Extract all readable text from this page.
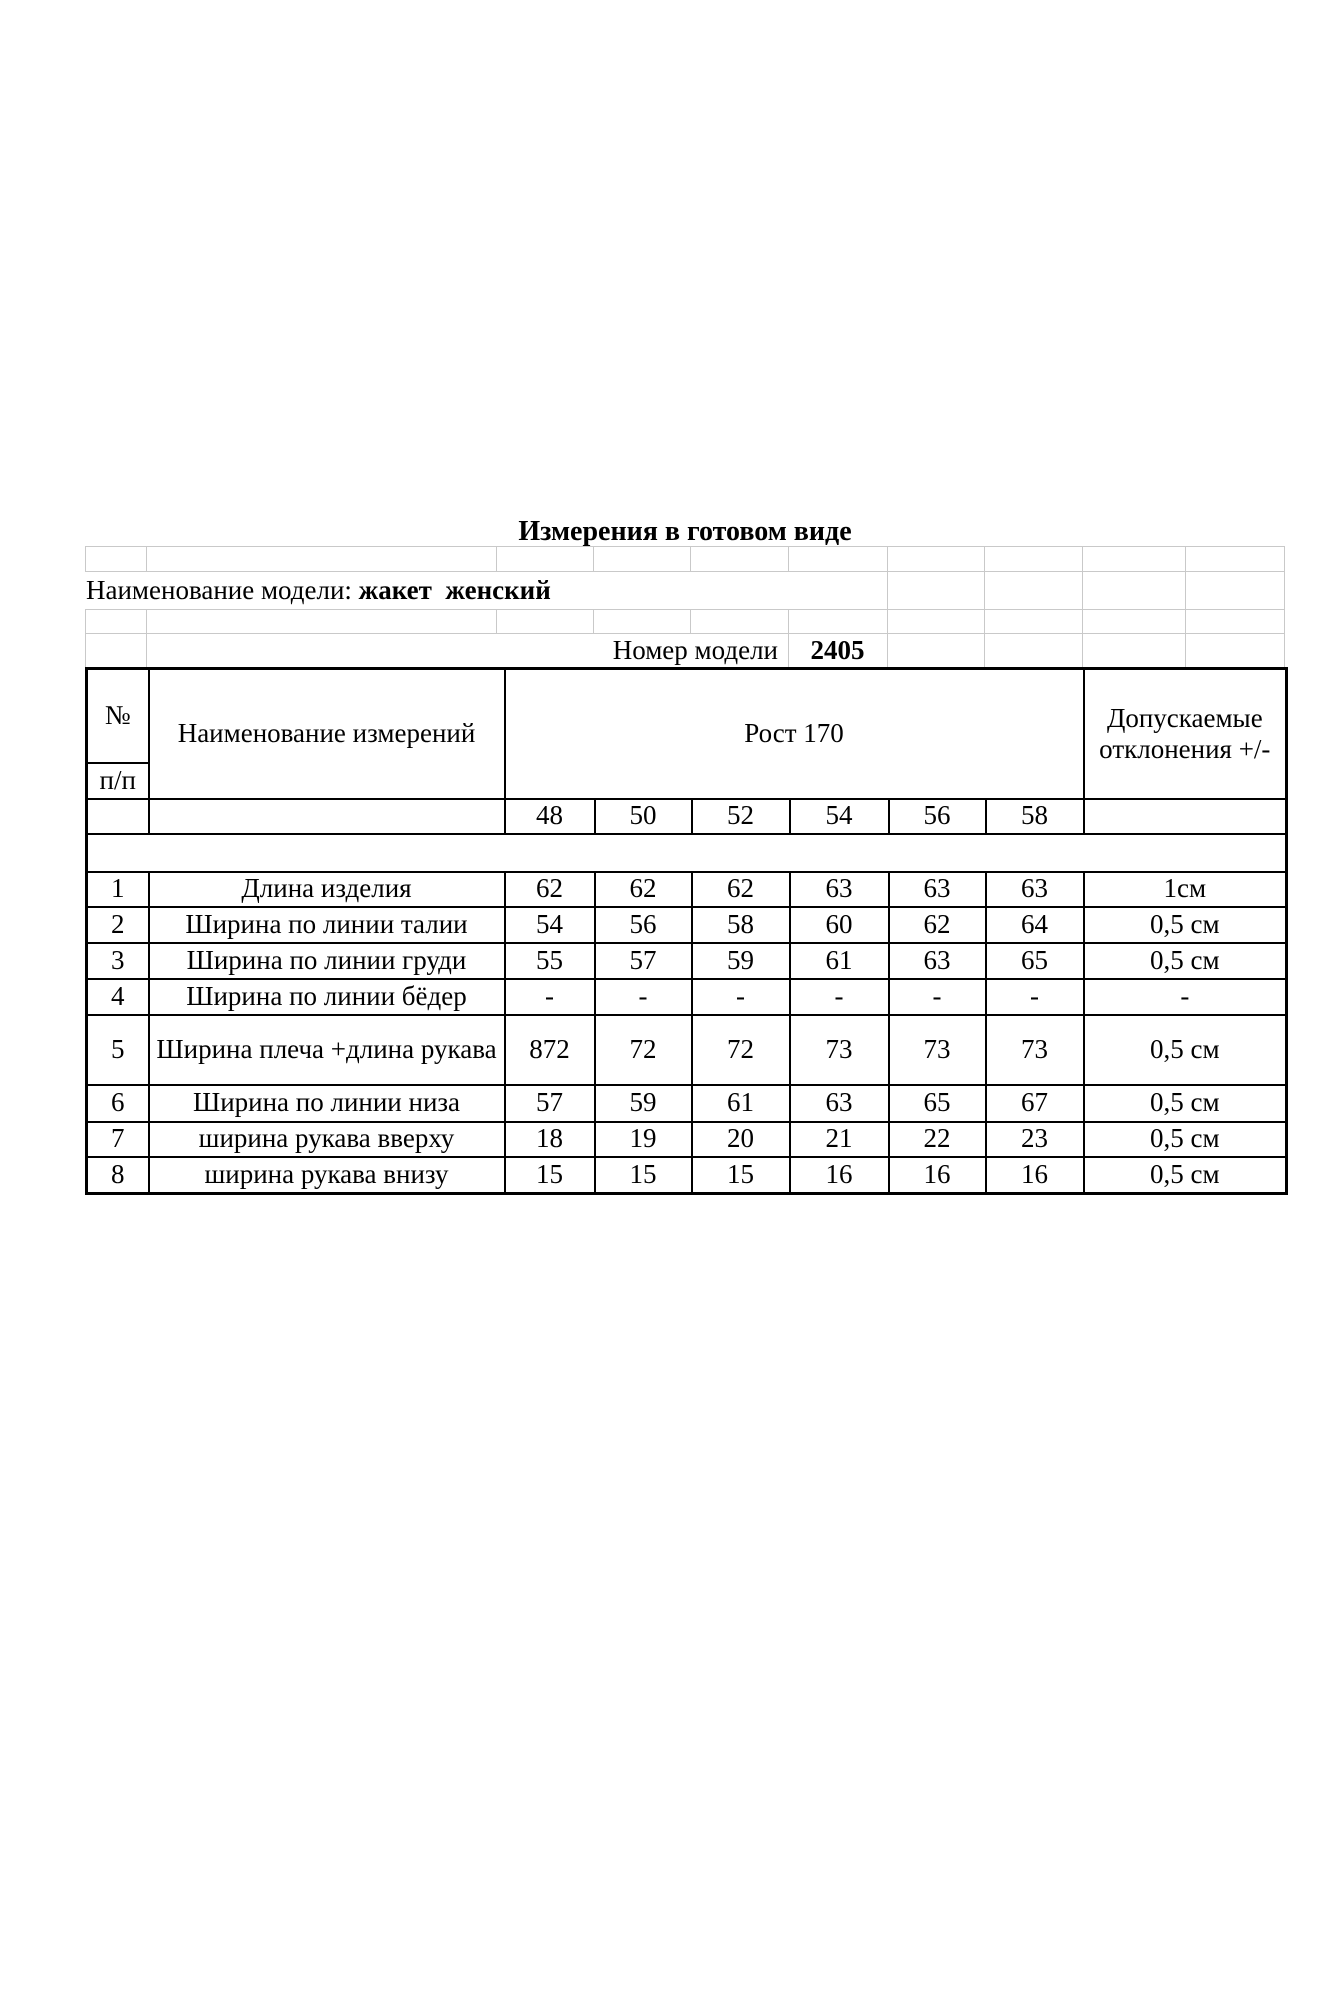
Измерения в готовом виде
Наименование модели: жакет  женский
Номер модели	2405
№	Наименование измерений	Рост 170						Допускаемые отклонения +/-
п/п								
		48	50	52	54	56	58	

1	Длина изделия	62	62	62	63	63	63	1см
2	Ширина по линии талии	54	56	58	60	62	64	0,5 см
3	Ширина по линии груди	55	57	59	61	63	65	0,5 см
4	Ширина по линии бёдер	-	-	-	-	-	-	-
5	Ширина плеча +длина рукава	872	72	72	73	73	73	0,5 см
6	Ширина по линии низа	57	59	61	63	65	67	0,5 см
7	ширина рукава вверху	18	19	20	21	22	23	0,5 см
8	ширина рукава внизу	15	15	15	16	16	16	0,5 см
